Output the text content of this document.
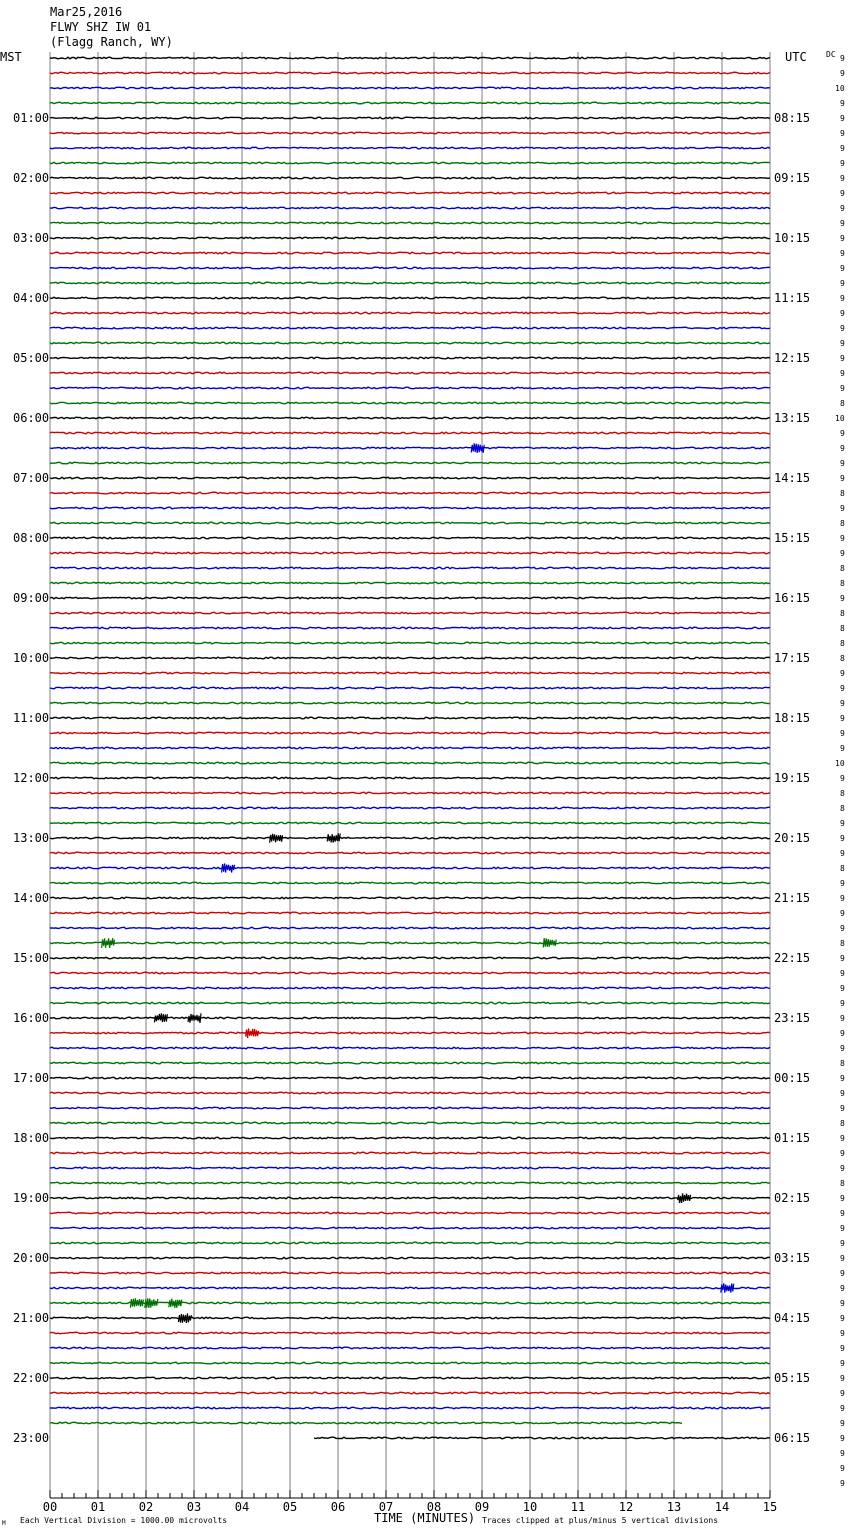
Mar25,2016
FLWY SHZ IW 01
(Flagg Ranch, WY)
MST	UTC DC
01:00
02:00
03:00
04:00
05:00
06:00
07:00
08:00
09:00
10:00
11:00
12:00
13:00
14:00
15:00
16:00
17:00
18:00
19:00
20:00
21:00
22:00
23:00
08:15
09:15
10:15
11:15
12:15
13:15
14:15
15:15
16:15
17:15
18:15
19:15
20:15
21:15
22:15
23:15
00:15
01:15
02:15
03:15
04:15
05:15
06:15
9
9
10
9
9
9
9
9
9
9
9
9
9
9
9
9
9
9
9
9
9
9
9
8
10
9
9
9
9
8
9
8
9
9
8
8
9
8
8
8
8
9
9
9
9
9
9
10
9
8
8
9
9
9
8
9
9
9
9
8
9
9
9
9
9
9
9
8
9
9
9
8
9
9
9
8
9
9
9
9
9
9
9
9
9
9
9
9
9
9
9
9
9
9
9
9
00	01	02	03	04	05	06	07	08	09	10	11	12	13	14	15
M Each Vertical Division = 1000.00 microvolts	TIME (MINUTES) Traces clipped at plus/minus 5 vertical divisions
